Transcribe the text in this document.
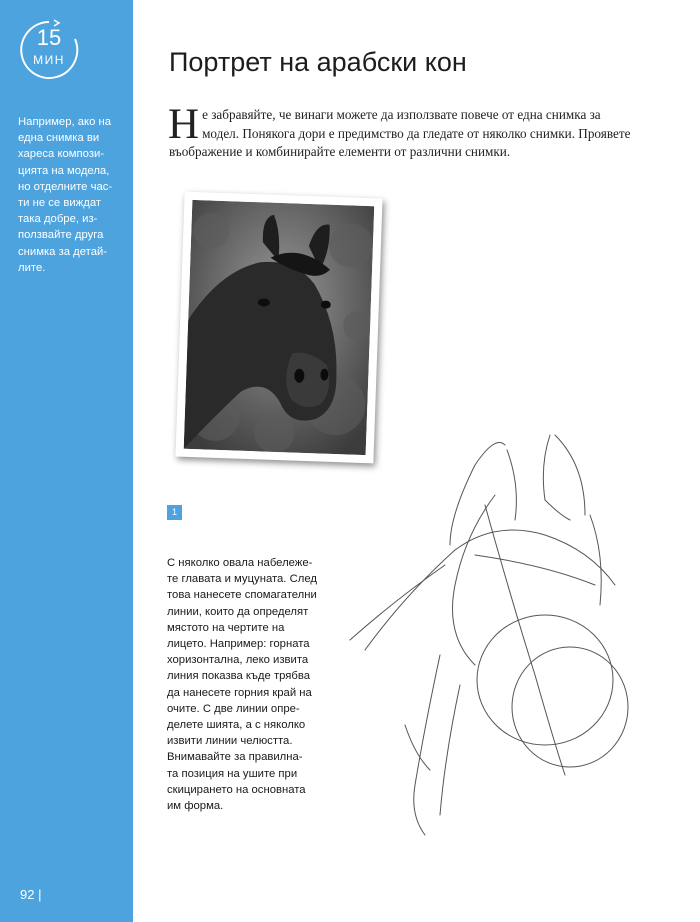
15
МИН
Например, ако на
една снимка ви
хареса компози-
цията на модела,
но отделните час-
ти не се виждат
така добре, из-
ползвайте друга
снимка за детай-
лите.
92 |
Портрет на арабски кон
Н е забравяйте, че винаги можете да използвате повече от една снимка за модел. Понякога дори е предимство да гледате от няколко снимки. Проявете въображение и комбинирайте елементи от различни снимки.
1
С няколко овала набележе-
те главата и муцуната. След
това нанесете спомагателни
линии, които да определят
мястото на чертите на
лицето. Например: горната
хоризонтална, леко извита
линия показва къде трябва
да нанесете горния край на
очите. С две линии опре-
делете шията, а с няколко
извити линии челюстта.
Внимавайте за правилна-
та позиция на ушите при
скицирането на основната
им форма.
